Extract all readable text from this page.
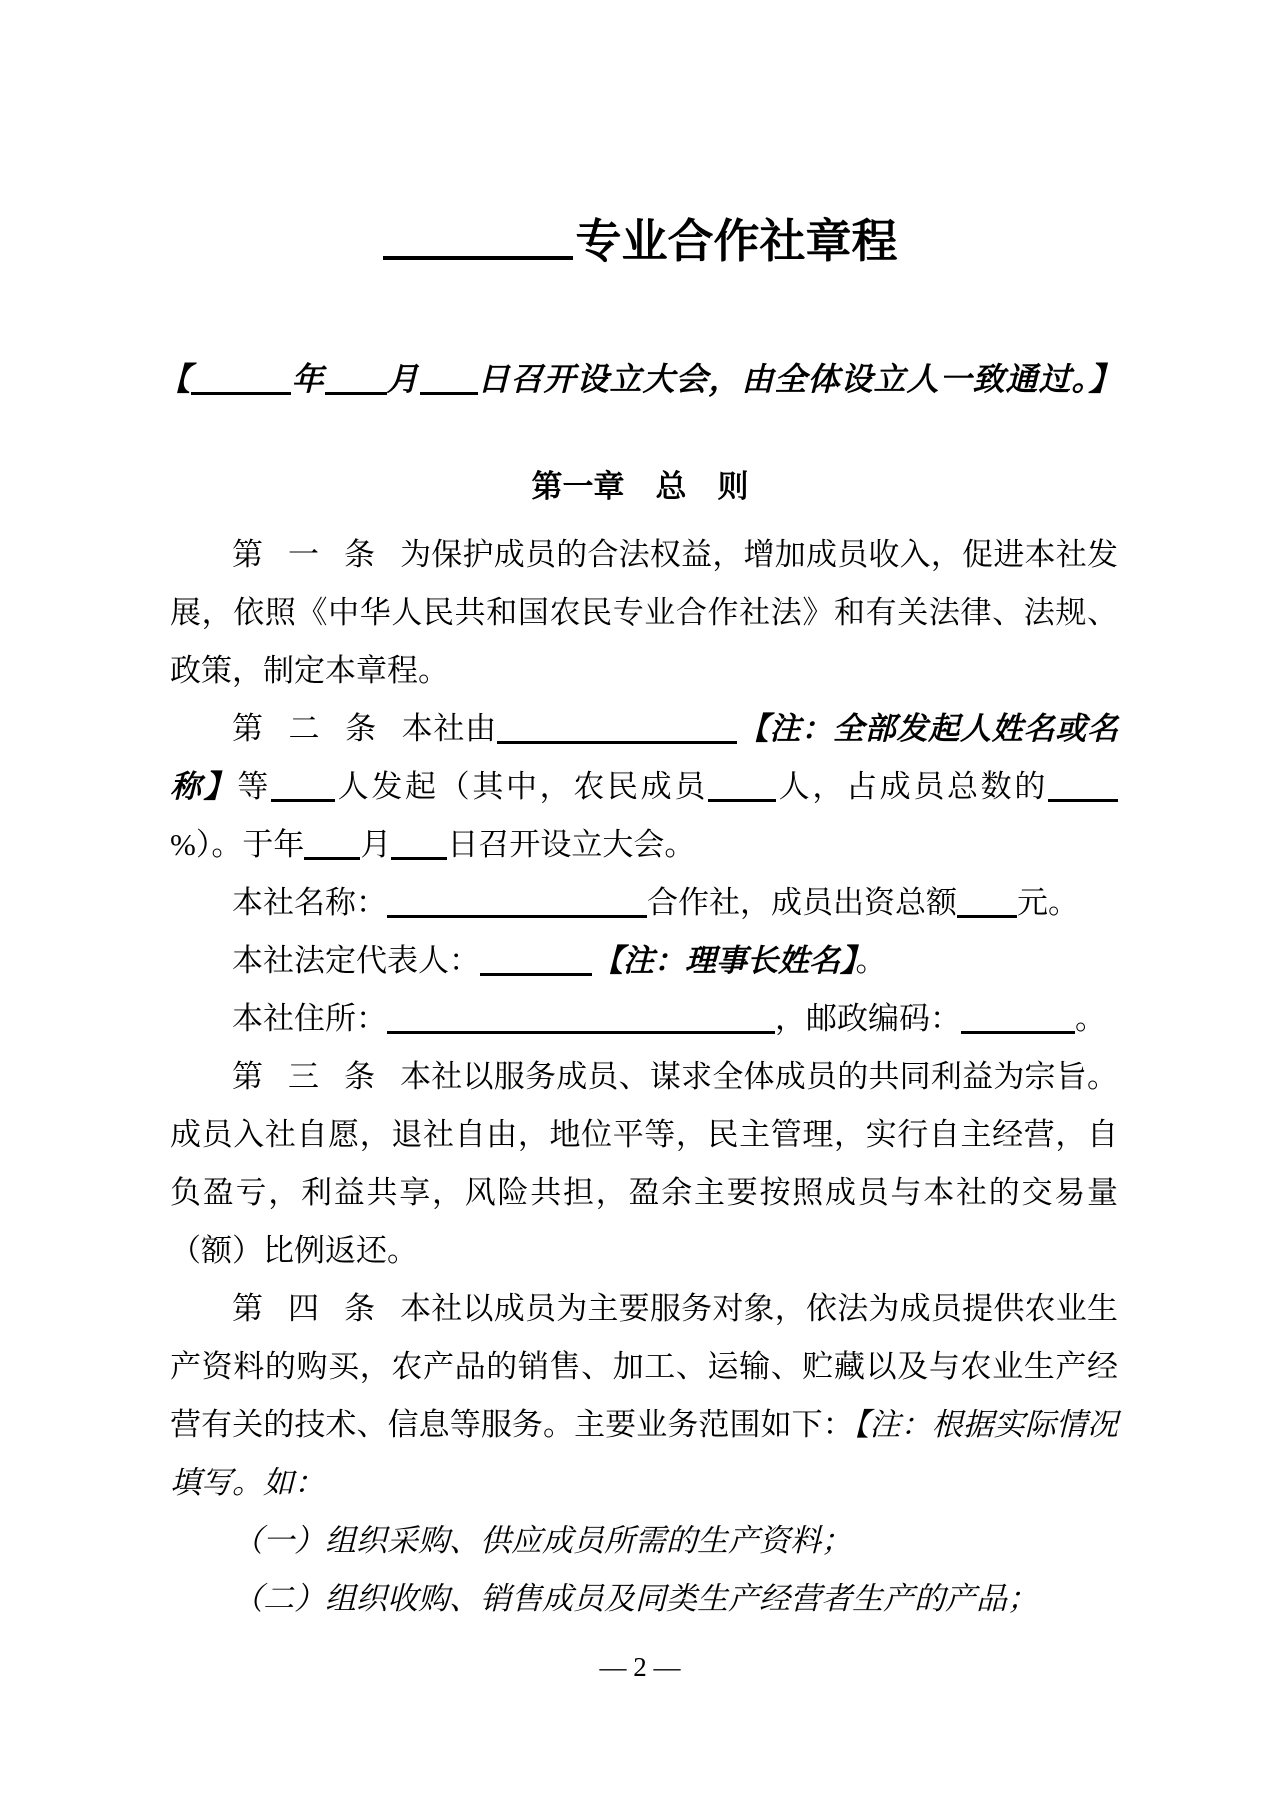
专业合作社章程
【	年 月 日召开设立大会，由全体设立人一致通过。】
第一章　总　则

第一条为保护成员的合法权益，增加成员收入，促进本社发展，依照《中华人民共和国农民专业合作社法》和有关法律、法规、政策，制定本章程。

第二条本社由	【注：全部发起人姓名或名称】等 人发起（其中，农民成员 人，占成员总数的%）。于年 月 日召开设立大会。

本社名称：	合作社，成员出资总额 元。

本社法定代表人：	【注：理事长姓名】。

本社住所：	，邮政编码：	。

第三条本社以服务成员、谋求全体成员的共同利益为宗旨。成员入社自愿，退社自由，地位平等，民主管理，实行自主经营，自负盈亏，利益共享，风险共担，盈余主要按照成员与本社的交易量（额）比例返还。

第四条本社以成员为主要服务对象，依法为成员提供农业生产资料的购买，农产品的销售、加工、运输、贮藏以及与农业生产经营有关的技术、信息等服务。主要业务范围如下：【注：根据实际情况填写。如：

（一）组织采购、供应成员所需的生产资料；

（二）组织收购、销售成员及同类生产经营者生产的产品；

— 2 —
